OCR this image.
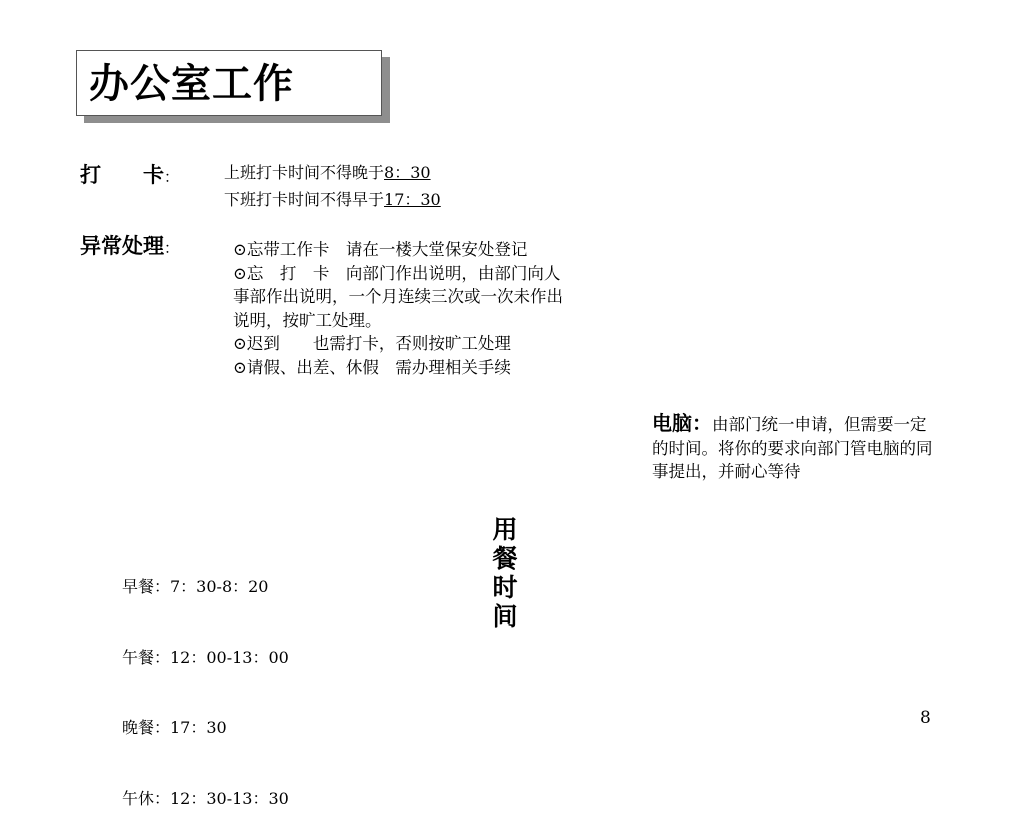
办公室工作
打　　卡：	上班打卡时间不得晚于8：30
下班打卡时间不得早于17：30
异常处理：	⊙忘带工作卡　请在一楼大堂保安处登记

⊙忘　打　卡　向部门作出说明，由部门向人事部作出说明，一个月连续三次或一次未作出说明，按旷工处理。

⊙迟到　　也需打卡，否则按旷工处理

⊙请假、出差、休假　需办理相关手续

电脑：由部门统一申请，但需要一定的时间。将你的要求向部门管电脑的同事提出，并耐心等待

早餐：7：30-8：20

午餐：12：00-13：00

晚餐：17：30

午休：12：30-13：30

用
餐
时
间
8
